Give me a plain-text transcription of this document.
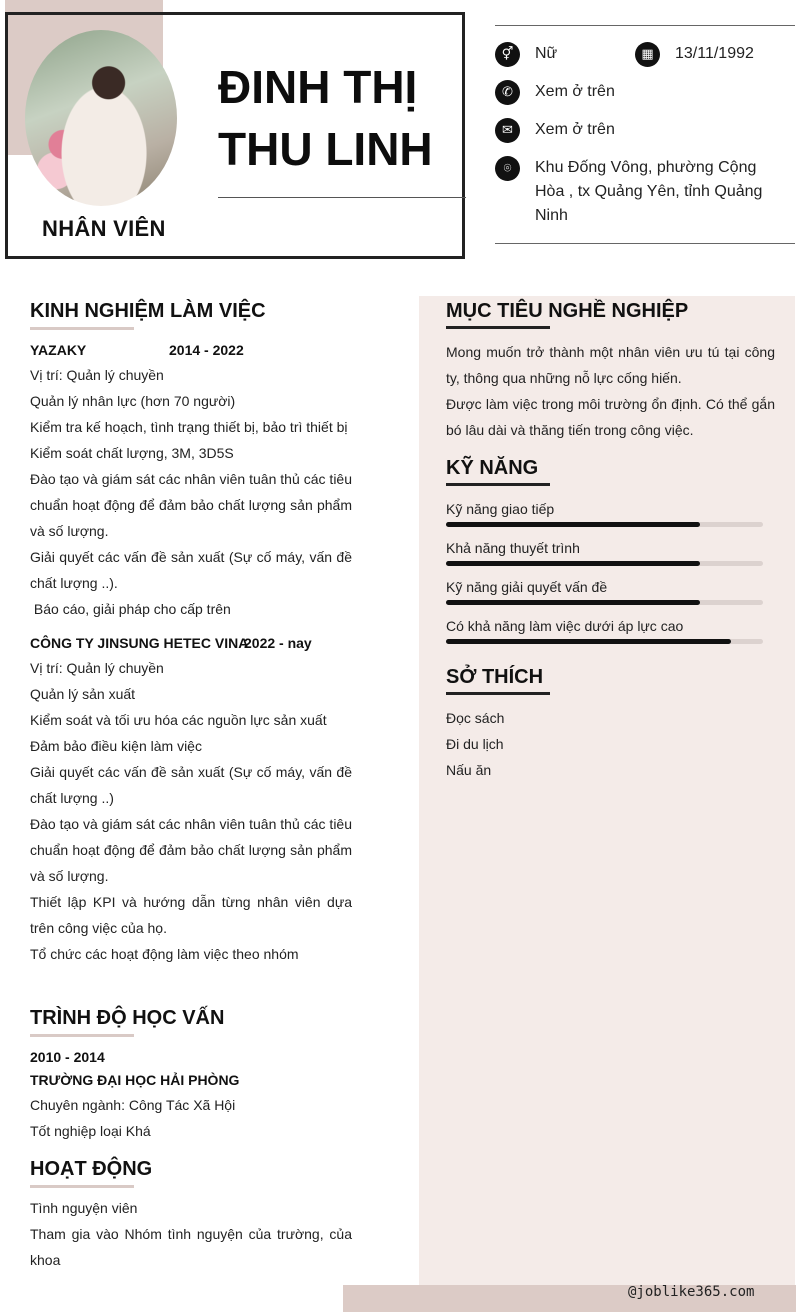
NHÂN VIÊN
ĐINH THỊ
THU LINH
⚥	Nữ	▦	13/11/1992
✆	Xem ở trên
✉	Xem ở trên
⌾	Khu Đống Vông, phường Cộng Hòa , tx Quảng Yên, tỉnh Quảng Ninh
KINH NGHIỆM LÀM VIỆC
YAZAKY	2014 - 2022
Vị trí: Quản lý chuyền
Quản lý nhân lực (hơn 70 người)
Kiểm tra kế hoạch, tình trạng thiết bị, bảo trì thiết bị
Kiểm soát chất lượng, 3M, 3D5S
Đào tạo và giám sát các nhân viên tuân thủ các tiêu chuẩn hoạt động để đảm bảo chất lượng sản phẩm và số lượng.
Giải quyết các vấn đề sản xuất (Sự cố máy, vấn đề chất lượng ..).
Báo cáo, giải pháp cho cấp trên
CÔNG TY JINSUNG HETEC VINA
2022 - nay
Vị trí: Quản lý chuyền
Quản lý sản xuất
Kiểm soát và tối ưu hóa các nguồn lực sản xuất
Đảm bảo điều kiện làm việc
Giải quyết các vấn đề sản xuất (Sự cố máy, vấn đề chất lượng ..)
Đào tạo và giám sát các nhân viên tuân thủ các tiêu chuẩn hoạt động để đảm bảo chất lượng sản phẩm và số lượng.
Thiết lập KPI và hướng dẫn từng nhân viên dựa trên công việc của họ.
Tổ chức các hoạt động làm việc theo nhóm
TRÌNH ĐỘ HỌC VẤN
2010 - 2014
TRƯỜNG ĐẠI HỌC HẢI PHÒNG
Chuyên ngành: Công Tác Xã Hội
Tốt nghiệp loại Khá
HOẠT ĐỘNG
Tình nguyện viên
Tham gia vào Nhóm tình nguyện của trường, của khoa
MỤC TIÊU NGHỀ NGHIỆP
Mong muốn trở thành một nhân viên ưu tú tại công ty, thông qua những nỗ lực cống hiến.
Được làm việc trong môi trường ổn định. Có thể gắn bó lâu dài và thăng tiến trong công việc.
KỸ NĂNG
Kỹ năng giao tiếp
Khả năng thuyết trình
Kỹ năng giải quyết vấn đề
Có khả năng làm việc dưới áp lực cao
SỞ THÍCH
Đọc sách
Đi du lịch
Nấu ăn
@joblike365.com
